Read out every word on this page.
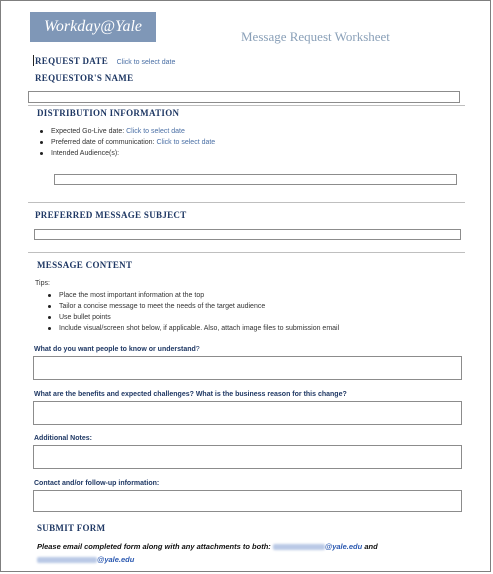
Workday@Yale
Message Request Worksheet
REQUEST DATE Click to select date
REQUESTOR'S NAME
DISTRIBUTION INFORMATION
Expected Go-Live date: Click to select date
Preferred date of communication: Click to select date
Intended Audience(s):
PREFERRED MESSAGE SUBJECT
MESSAGE CONTENT
Tips:
Place the most important information at the top
Tailor a concise message to meet the needs of the target audience
Use bullet points
Include visual/screen shot below, if applicable. Also, attach image files to submission email
What do you want people to know or understand?
What are the benefits and expected challenges? What is the business reason for this change?
Additional Notes:
Contact and/or follow-up information:
SUBMIT FORM
Please email completed form along with any attachments to both:	@yale.edu and
@yale.edu
